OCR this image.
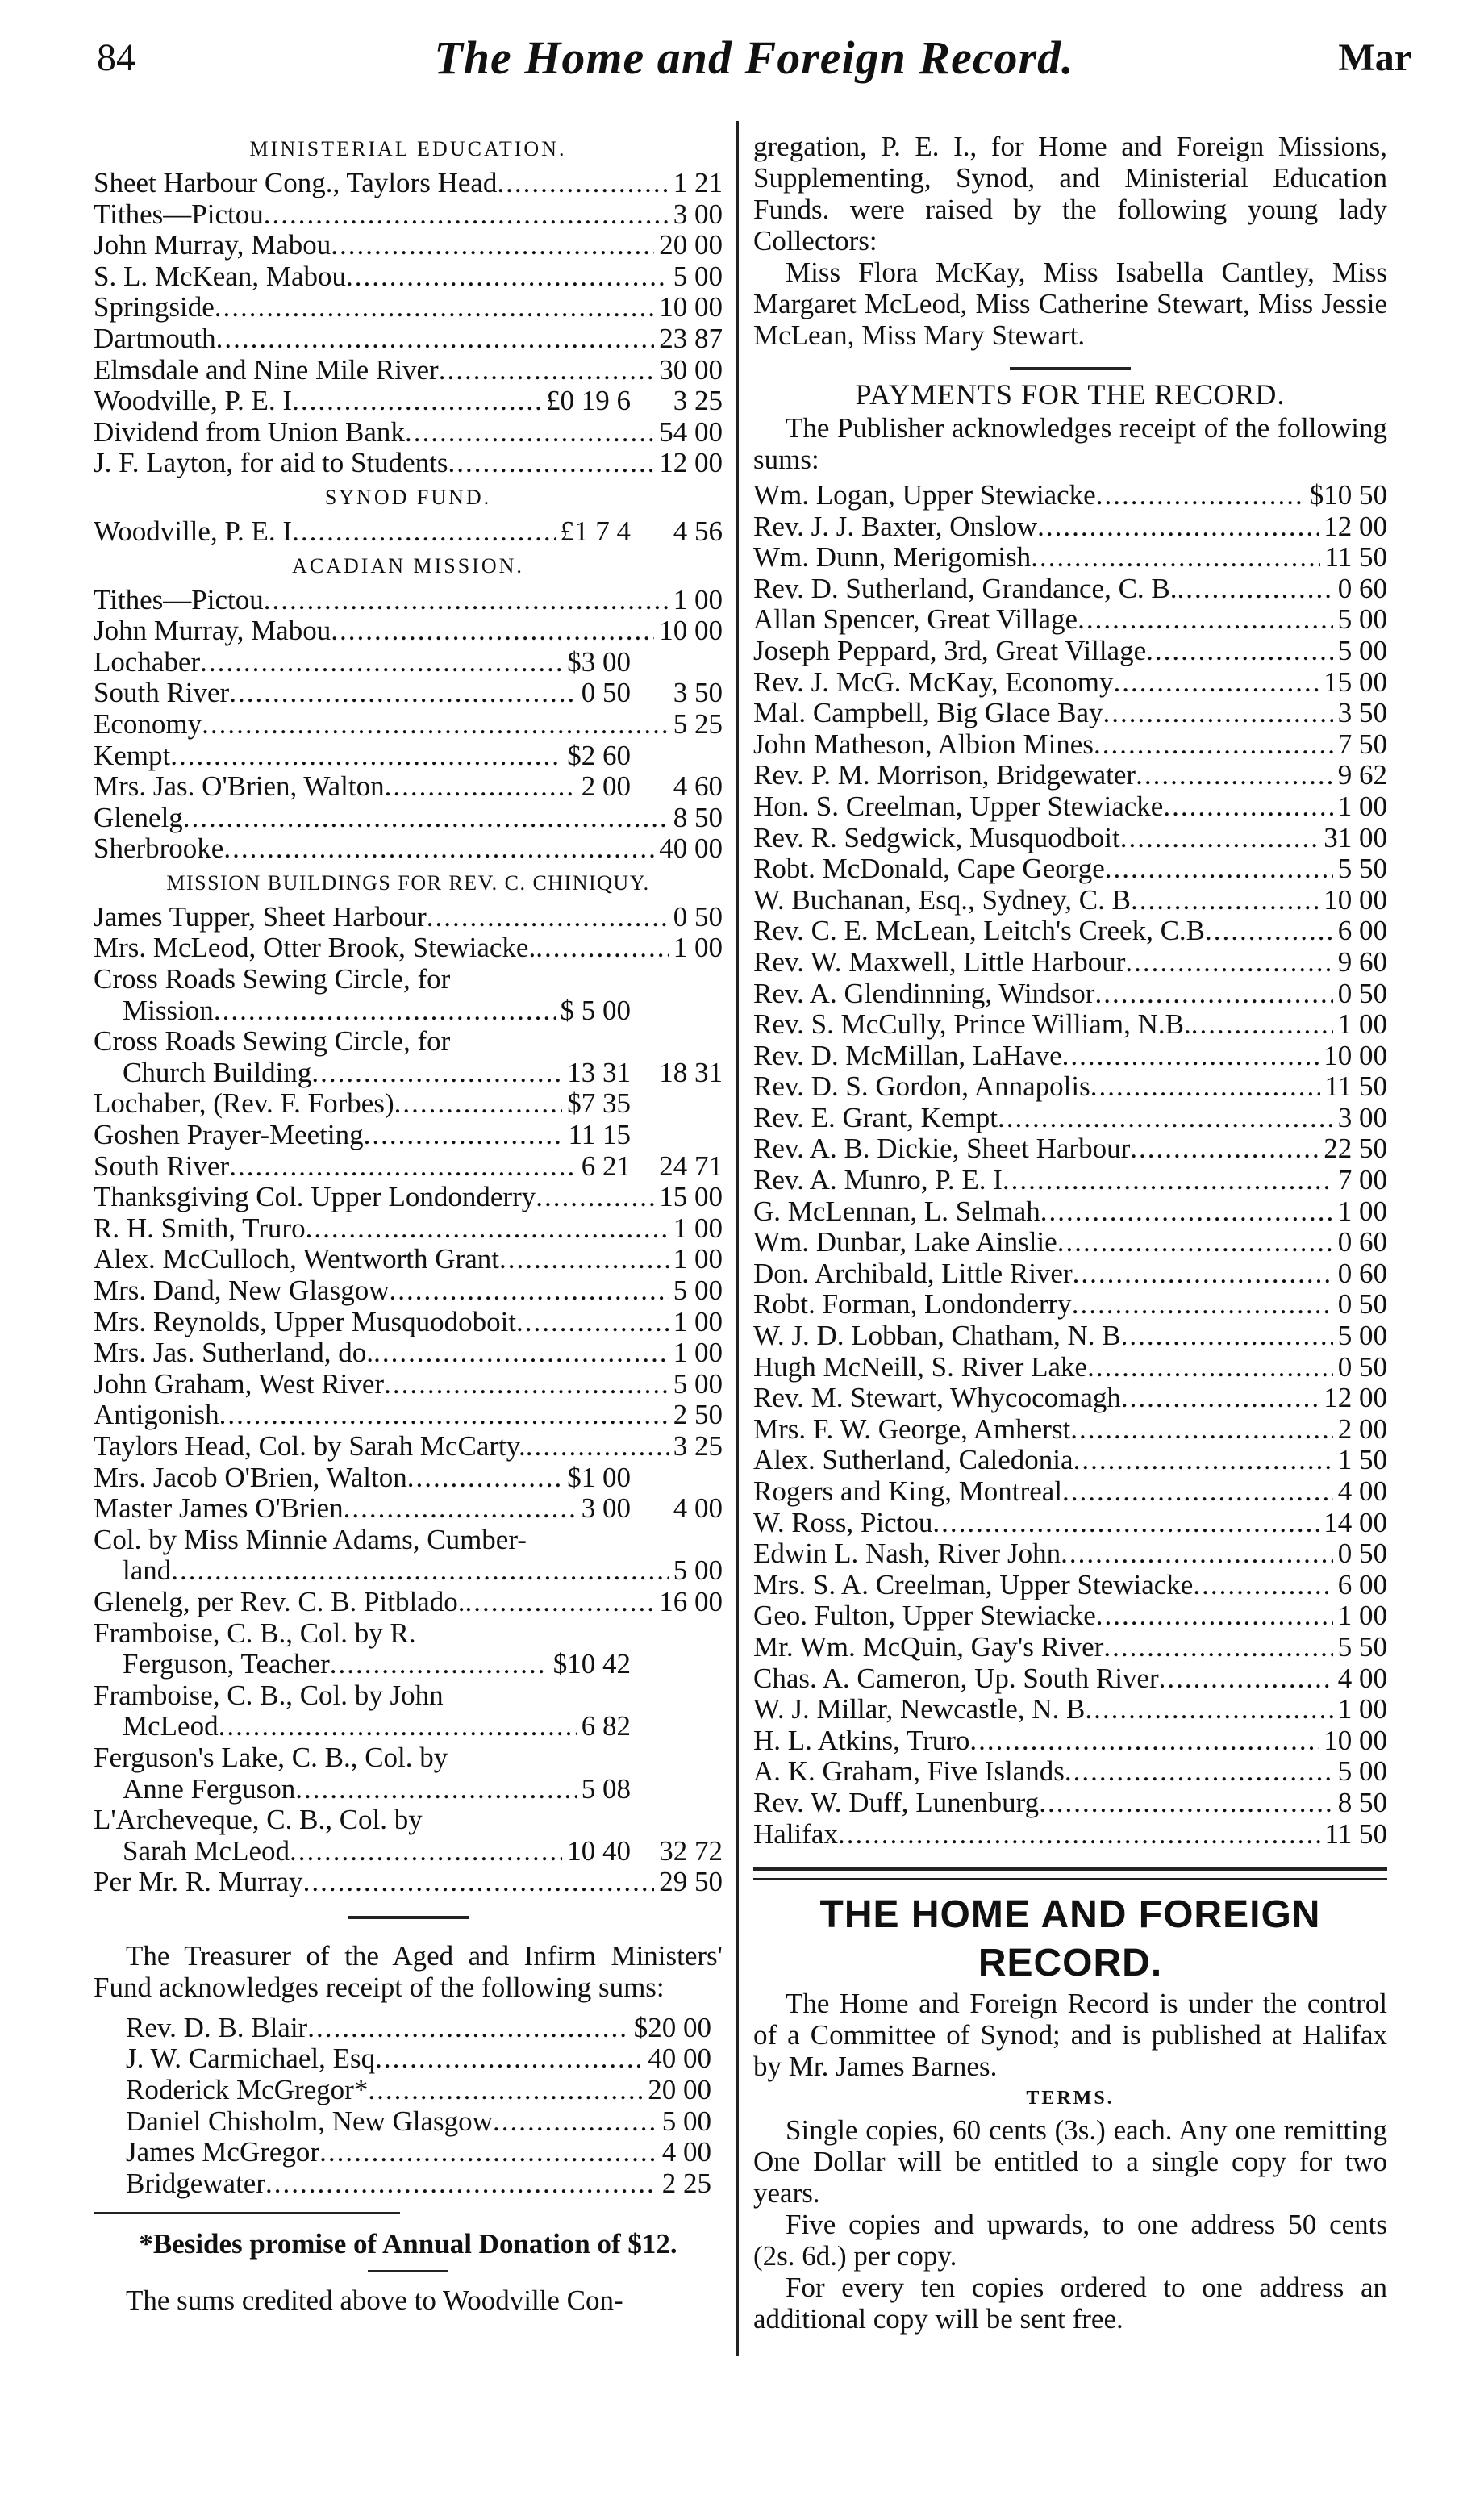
84	The Home and Foreign Record.	Mar
MINISTERIAL EDUCATION.
Sheet Harbour Cong., Taylors Head .....	1 21
Tithes—Pictou .....	3 00
John Murray, Mabou .....	20 00
S. L. McKean, Mabou .....	5 00
Springside .....	10 00
Dartmouth .....	23 87
Elmsdale and Nine Mile River .....	30 00
Woodville, P. E. I .....	£0 19 6	3 25
Dividend from Union Bank .....	54 00
J. F. Layton, for aid to Students .....	12 00
SYNOD FUND.
Woodville, P. E. I .....	£1 7 4	4 56
ACADIAN MISSION.
Tithes—Pictou .....	1 00
John Murray, Mabou .....	10 00
Lochaber .....	$3 00
South River .....	0 50	3 50
Economy .....	5 25
Kempt .....	$2 60
Mrs. Jas. O'Brien, Walton .....	2 00	4 60
Glenelg .....	8 50
Sherbrooke .....	40 00
MISSION BUILDINGS FOR REV. C. CHINIQUY.
James Tupper, Sheet Harbour .....	0 50
Mrs. McLeod, Otter Brook, Stewiacke. .....	1 00
Cross Roads Sewing Circle, for
Mission .....	$ 5 00
Cross Roads Sewing Circle, for
Church Building .....	13 31	18 31
Lochaber, (Rev. F. Forbes) .....	$7 35
Goshen Prayer-Meeting .....	11 15
South River .....	6 21	24 71
Thanksgiving Col. Upper Londonderry .....	15 00
R. H. Smith, Truro .....	1 00
Alex. McCulloch, Wentworth Grant .....	1 00
Mrs. Dand, New Glasgow .....	5 00
Mrs. Reynolds, Upper Musquodoboit .....	1 00
Mrs. Jas. Sutherland, do. .....	1 00
John Graham, West River .....	5 00
Antigonish .....	2 50
Taylors Head, Col. by Sarah McCarty. .....	3 25
Mrs. Jacob O'Brien, Walton .....	$1 00
Master James O'Brien .....	3 00	4 00
Col. by Miss Minnie Adams, Cumber-
land .....	5 00
Glenelg, per Rev. C. B. Pitblado. .....	16 00
Framboise, C. B., Col. by R.
Ferguson, Teacher .....	$10 42
Framboise, C. B., Col. by John
McLeod .....	6 82
Ferguson's Lake, C. B., Col. by
Anne Ferguson .....	5 08
L'Archeveque, C. B., Col. by
Sarah McLeod .....	10 40	32 72
Per Mr. R. Murray .....	29 50
The Treasurer of the Aged and Infirm Ministers' Fund acknowledges receipt of the following sums:
Rev. D. B. Blair .....	$20 00
J. W. Carmichael, Esq .....	40 00
Roderick McGregor* .....	20 00
Daniel Chisholm, New Glasgow .....	5 00
James McGregor .....	4 00
Bridgewater .....	2 25
*Besides promise of Annual Donation of $12.
The sums credited above to Woodville Con-
gregation, P. E. I., for Home and Foreign Missions, Supplementing, Synod, and Ministerial Education Funds. were raised by the following young lady Collectors:
Miss Flora McKay, Miss Isabella Cantley, Miss Margaret McLeod, Miss Catherine Stewart, Miss Jessie McLean, Miss Mary Stewart.
PAYMENTS FOR THE RECORD.
The Publisher acknowledges receipt of the following sums:
Wm. Logan, Upper Stewiacke .....	$10 50
Rev. J. J. Baxter, Onslow .....	12 00
Wm. Dunn, Merigomish .....	11 50
Rev. D. Sutherland, Grandance, C. B. .....	0 60
Allan Spencer, Great Village .....	5 00
Joseph Peppard, 3rd, Great Village .....	5 00
Rev. J. McG. McKay, Economy .....	15 00
Mal. Campbell, Big Glace Bay .....	3 50
John Matheson, Albion Mines .....	7 50
Rev. P. M. Morrison, Bridgewater .....	9 62
Hon. S. Creelman, Upper Stewiacke .....	1 00
Rev. R. Sedgwick, Musquodboit .....	31 00
Robt. McDonald, Cape George .....	5 50
W. Buchanan, Esq., Sydney, C. B .....	10 00
Rev. C. E. McLean, Leitch's Creek, C.B .....	6 00
Rev. W. Maxwell, Little Harbour .....	9 60
Rev. A. Glendinning, Windsor .....	0 50
Rev. S. McCully, Prince William, N.B. .....	1 00
Rev. D. McMillan, LaHave .....	10 00
Rev. D. S. Gordon, Annapolis .....	11 50
Rev. E. Grant, Kempt .....	3 00
Rev. A. B. Dickie, Sheet Harbour .....	22 50
Rev. A. Munro, P. E. I .....	7 00
G. McLennan, L. Selmah .....	1 00
Wm. Dunbar, Lake Ainslie .....	0 60
Don. Archibald, Little River .....	0 60
Robt. Forman, Londonderry .....	0 50
W. J. D. Lobban, Chatham, N. B .....	5 00
Hugh McNeill, S. River Lake .....	0 50
Rev. M. Stewart, Whycocomagh .....	12 00
Mrs. F. W. George, Amherst .....	2 00
Alex. Sutherland, Caledonia .....	1 50
Rogers and King, Montreal .....	4 00
W. Ross, Pictou .....	14 00
Edwin L. Nash, River John .....	0 50
Mrs. S. A. Creelman, Upper Stewiacke .....	6 00
Geo. Fulton, Upper Stewiacke .....	1 00
Mr. Wm. McQuin, Gay's River .....	5 50
Chas. A. Cameron, Up. South River .....	4 00
W. J. Millar, Newcastle, N. B .....	1 00
H. L. Atkins, Truro .....	10 00
A. K. Graham, Five Islands .....	5 00
Rev. W. Duff, Lunenburg .....	8 50
Halifax .....	11 50
THE HOME AND FOREIGN RECORD.
The Home and Foreign Record is under the control of a Committee of Synod; and is published at Halifax by Mr. James Barnes.
TERMS.
Single copies, 60 cents (3s.) each. Any one remitting One Dollar will be entitled to a single copy for two years.
Five copies and upwards, to one address 50 cents (2s. 6d.) per copy.
For every ten copies ordered to one address an additional copy will be sent free.
